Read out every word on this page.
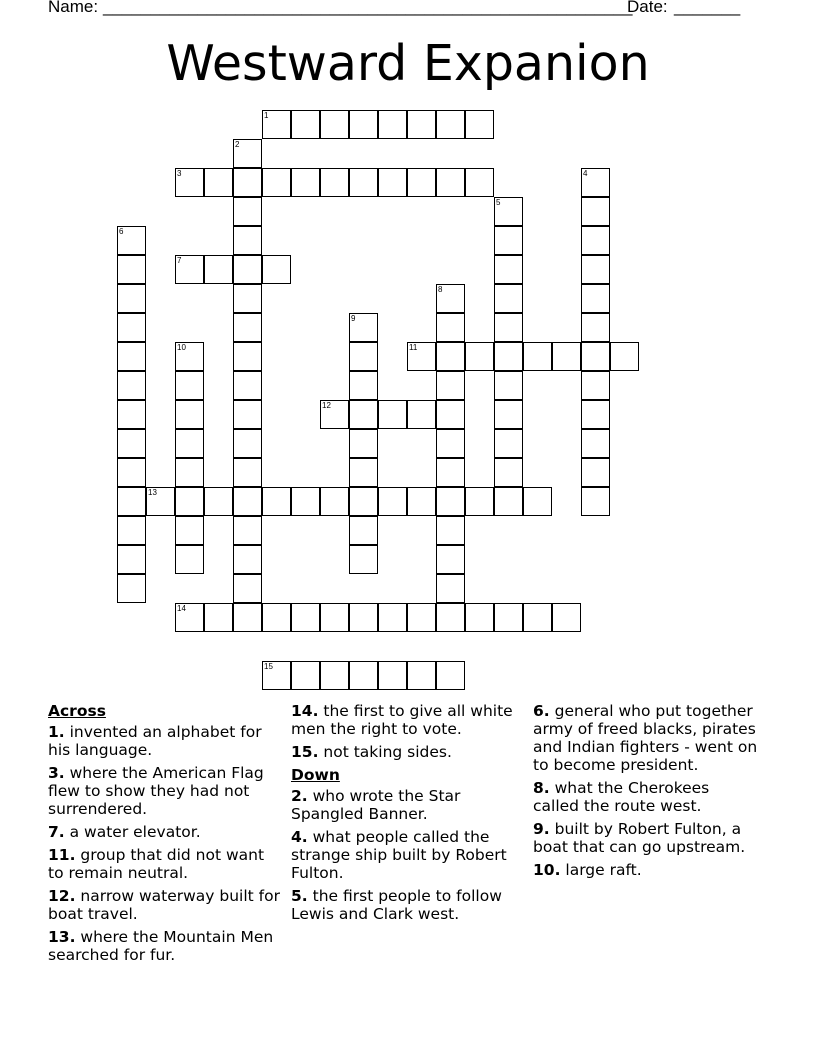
Name: ________________________________________________________
Date: _______
Westward Expanion
1
2
3	4
5
6
7
8
9
10	11
12
13
14
15
Across
1. invented an alphabet for his language.
3. where the American Flag flew to show they had not surrendered.
7. a water elevator.
11. group that did not want to remain neutral.
12. narrow waterway built for boat travel.
13. where the Mountain Men searched for fur.
14. the first to give all white men the right to vote.
15. not taking sides.
Down
2. who wrote the Star Spangled Banner.
4. what people called the strange ship built by Robert Fulton.
5. the first people to follow Lewis and Clark west.
6. general who put together army of freed blacks, pirates and Indian fighters - went on to become president.
8. what the Cherokees called the route west.
9. built by Robert Fulton, a boat that can go upstream.
10. large raft.
